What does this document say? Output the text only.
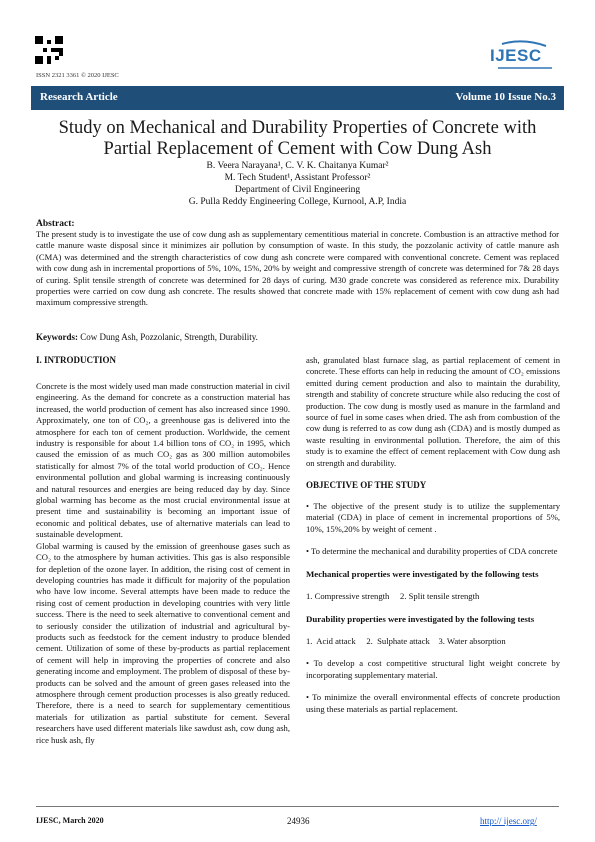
ISSN 2321 3361 © 2020 IJESC
IJESC
Research Article	Volume 10 Issue No.3
Study on Mechanical and Durability Properties of Concrete with
Partial Replacement of Cement with Cow Dung Ash
B. Veera Narayana¹, C. V. K. Chaitanya Kumar²
M. Tech Student¹, Assistant Professor²
Department of Civil Engineering
G. Pulla Reddy Engineering College, Kurnool, A.P, India
Abstract:

The present study is to investigate the use of cow dung ash as supplementary cementitious material in concrete. Combustion is an attractive method for cattle manure waste disposal since it minimizes air pollution by consumption of waste. In this study, the pozzolanic activity of cattle manure ash (CMA) was determined and the strength characteristics of cow dung ash concrete were compared with conventional concrete. Cement was replaced with cow dung ash in incremental proportions of 5%, 10%, 15%, 20% by weight and compressive strength of concrete was determined for 7& 28 days of curing. Split tensile strength of concrete was determined for 28 days of curing. M30 grade concrete was considered as reference mix. Durability properties were carried on cow dung ash concrete. The results showed that concrete made with 15% replacement of cement with cow dung ash had maximum compressive strength.

Keywords: Cow Dung Ash, Pozzolanic, Strength, Durability.

I. INTRODUCTION

Concrete is the most widely used man made construction material in civil engineering. As the demand for concrete as a construction material has increased, the world production of cement has also increased since 1990. Approximately, one ton of CO₂, a greenhouse gas is delivered into the atmosphere for each ton of cement production. Worldwide, the cement industry is responsible for about 1.4 billion tons of CO₂ in 1995, which caused the emission of as much CO₂ gas as 300 million automobiles statistically for almost 7% of the total world production of CO₂. Hence environmental pollution and global warming is increasing continuously and natural resources and energies are being reduced day by day. Since global warming has become as the most crucial environmental issue at present time and sustainability is becoming an important issue of economic and political debates, use of alternative materials can lead to sustainable development.

Global warming is caused by the emission of greenhouse gases such as CO₂ to the atmosphere by human activities. This gas is also responsible for depletion of the ozone layer. In addition, the rising cost of cement in developing countries has made it difficult for majority of the population who have low income. Several attempts have been made to reduce the rising cost of cement production in developing countries with very little success. There is the need to seek alternative to conventional cement and to seriously consider the utilization of industrial and agricultural by-products such as feedstock for the cement industry to produce blended cement. Utilization of some of these by-products as partial replacement of cement will help in improving the properties of concrete and also generating income and employment. The problem of disposal of these by-products can be solved and the amount of green gases released into the atmosphere through cement production processes is also greatly reduced. Therefore, there is a need to search for supplementary cementitious materials for utilization as partial substitute for cement. Several researchers have used different materials like sawdust ash, cow dung ash, rice husk ash, fly

ash, granulated blast furnace slag, as partial replacement of cement in concrete. These efforts can help in reducing the amount of CO₂ emissions emitted during cement production and also to maintain the durability, strength and stability of concrete structure while also reducing the cost of production. The cow dung is mostly used as manure in the farmland and source of fuel in some cases when dried. The ash from combustion of the cow dung is referred to as cow dung ash (CDA) and is mostly dumped as waste resulting in environmental pollution. Therefore, the aim of this study is to examine the effect of cement replacement with Cow dung ash on strength and durability.

OBJECTIVE OF THE STUDY

• The objective of the present study is to utilize the supplementary material (CDA) in place of cement in incremental proportions of 5%, 10%, 15%,20% by weight of cement .

• To determine the mechanical and durability properties of CDA concrete

Mechanical properties were investigated by the following tests

1. Compressive strength     2. Split tensile strength

Durability properties were investigated by the following tests

1.  Acid attack     2.  Sulphate attack    3. Water absorption

• To develop a cost competitive structural light weight concrete by incorporating supplementary material.

• To minimize the overall environmental effects of concrete production using these materials as partial replacement.

IJESC, March 2020	24936	http:// ijesc.org/
